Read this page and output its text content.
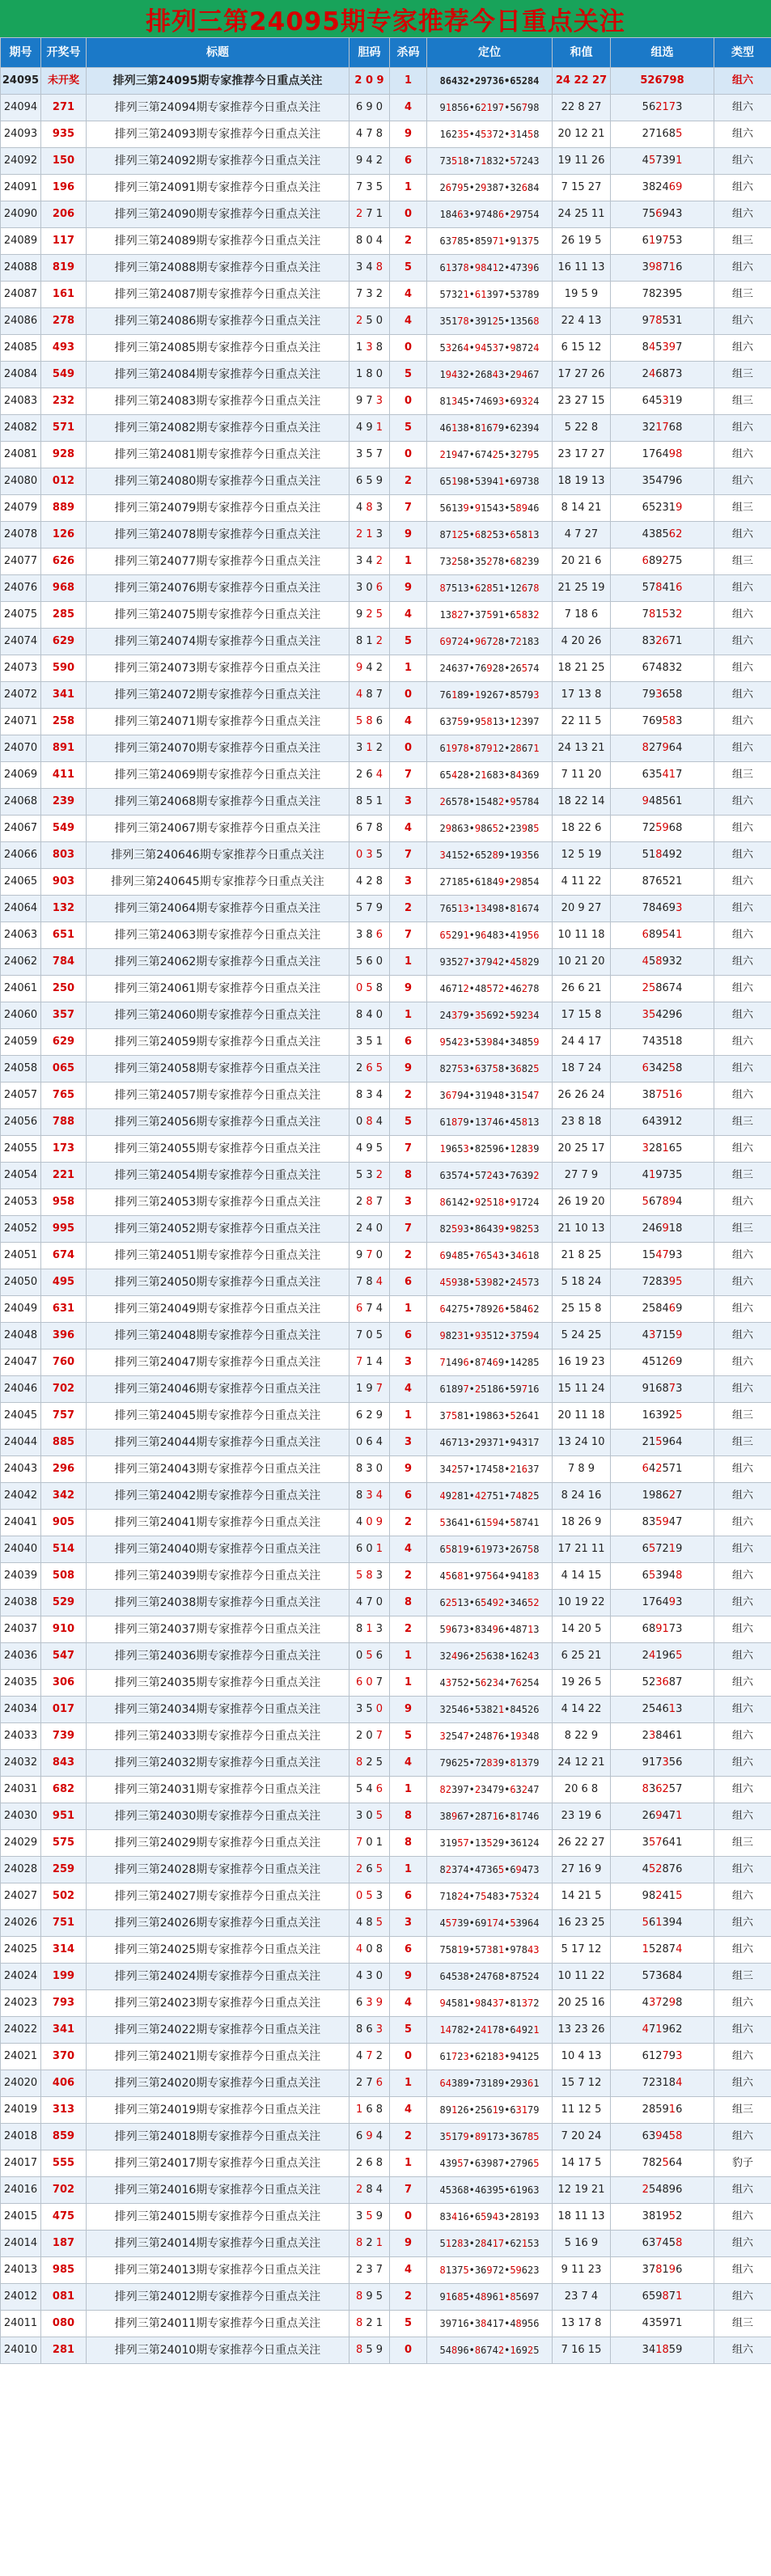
排列三第24095期专家推荐今日重点关注
期号	开奖号	标题	胆码	杀码	定位	和值	组选	类型
24095	未开奖	排列三第24095期专家推荐今日重点关注	2 0 9	1	86432•29736•65284	24 22 27	526798	组六
24094	271	排列三第24094期专家推荐今日重点关注	6 9 0	4	91856•62197•56798	22 8 27	562173	组六
24093	935	排列三第24093期专家推荐今日重点关注	4 7 8	9	16235•45372•31458	20 12 21	271685	组六
24092	150	排列三第24092期专家推荐今日重点关注	9 4 2	6	73518•71832•57243	19 11 26	457391	组六
24091	196	排列三第24091期专家推荐今日重点关注	7 3 5	1	26795•29387•32684	7 15 27	382469	组六
24090	206	排列三第24090期专家推荐今日重点关注	2 7 1	0	18463•97486•29754	24 25 11	756943	组六
24089	117	排列三第24089期专家推荐今日重点关注	8 0 4	2	63785•85971•91375	26 19 5	619753	组三
24088	819	排列三第24088期专家推荐今日重点关注	3 4 8	5	61378•98412•47396	16 11 13	398716	组六
24087	161	排列三第24087期专家推荐今日重点关注	7 3 2	4	57321•61397•53789	19 5 9	782395	组三
24086	278	排列三第24086期专家推荐今日重点关注	2 5 0	4	35178•39125•13568	22 4 13	978531	组六
24085	493	排列三第24085期专家推荐今日重点关注	1 3 8	0	53264•94537•98724	6 15 12	845397	组六
24084	549	排列三第24084期专家推荐今日重点关注	1 8 0	5	19432•26843•29467	17 27 26	246873	组三
24083	232	排列三第24083期专家推荐今日重点关注	9 7 3	0	81345•74693•69324	23 27 15	645319	组三
24082	571	排列三第24082期专家推荐今日重点关注	4 9 1	5	46138•81679•62394	5 22 8	321768	组六
24081	928	排列三第24081期专家推荐今日重点关注	3 5 7	0	21947•67425•32795	23 17 27	176498	组六
24080	012	排列三第24080期专家推荐今日重点关注	6 5 9	2	65198•53941•69738	18 19 13	354796	组六
24079	889	排列三第24079期专家推荐今日重点关注	4 8 3	7	56139•91543•58946	8 14 21	652319	组三
24078	126	排列三第24078期专家推荐今日重点关注	2 1 3	9	87125•68253•65813	4 7 27	438562	组六
24077	626	排列三第24077期专家推荐今日重点关注	3 4 2	1	73258•35278•68239	20 21 6	689275	组三
24076	968	排列三第24076期专家推荐今日重点关注	3 0 6	9	87513•62851•12678	21 25 19	578416	组六
24075	285	排列三第24075期专家推荐今日重点关注	9 2 5	4	13827•37591•65832	7 18 6	781532	组六
24074	629	排列三第24074期专家推荐今日重点关注	8 1 2	5	69724•96728•72183	4 20 26	832671	组六
24073	590	排列三第24073期专家推荐今日重点关注	9 4 2	1	24637•76928•26574	18 21 25	674832	组六
24072	341	排列三第24072期专家推荐今日重点关注	4 8 7	0	76189•19267•85793	17 13 8	793658	组六
24071	258	排列三第24071期专家推荐今日重点关注	5 8 6	4	63759•95813•12397	22 11 5	769583	组六
24070	891	排列三第24070期专家推荐今日重点关注	3 1 2	0	61978•87912•28671	24 13 21	827964	组六
24069	411	排列三第24069期专家推荐今日重点关注	2 6 4	7	65428•21683•84369	7 11 20	635417	组三
24068	239	排列三第24068期专家推荐今日重点关注	8 5 1	3	26578•15482•95784	18 22 14	948561	组六
24067	549	排列三第24067期专家推荐今日重点关注	6 7 8	4	29863•98652•23985	18 22 6	725968	组六
24066	803	排列三第240646期专家推荐今日重点关注	0 3 5	7	34152•65289•19356	12 5 19	518492	组六
24065	903	排列三第240645期专家推荐今日重点关注	4 2 8	3	27185•61849•29854	4 11 22	876521	组六
24064	132	排列三第24064期专家推荐今日重点关注	5 7 9	2	76513•13498•81674	20 9 27	784693	组六
24063	651	排列三第24063期专家推荐今日重点关注	3 8 6	7	65291•96483•41956	10 11 18	689541	组六
24062	784	排列三第24062期专家推荐今日重点关注	5 6 0	1	93527•37942•45829	10 21 20	458932	组六
24061	250	排列三第24061期专家推荐今日重点关注	0 5 8	9	46712•48572•46278	26 6 21	258674	组六
24060	357	排列三第24060期专家推荐今日重点关注	8 4 0	1	24379•35692•59234	17 15 8	354296	组六
24059	629	排列三第24059期专家推荐今日重点关注	3 5 1	6	95423•53984•34859	24 4 17	743518	组六
24058	065	排列三第24058期专家推荐今日重点关注	2 6 5	9	82753•63758•36825	18 7 24	634258	组六
24057	765	排列三第24057期专家推荐今日重点关注	8 3 4	2	36794•31948•31547	26 26 24	387516	组六
24056	788	排列三第24056期专家推荐今日重点关注	0 8 4	5	61879•13746•45813	23 8 18	643912	组三
24055	173	排列三第24055期专家推荐今日重点关注	4 9 5	7	19653•82596•12839	20 25 17	328165	组六
24054	221	排列三第24054期专家推荐今日重点关注	5 3 2	8	63574•57243•76392	27 7 9	419735	组三
24053	958	排列三第24053期专家推荐今日重点关注	2 8 7	3	86142•92518•91724	26 19 20	567894	组六
24052	995	排列三第24052期专家推荐今日重点关注	2 4 0	7	82593•86439•98253	21 10 13	246918	组三
24051	674	排列三第24051期专家推荐今日重点关注	9 7 0	2	69485•76543•34618	21 8 25	154793	组六
24050	495	排列三第24050期专家推荐今日重点关注	7 8 4	6	45938•53982•24573	5 18 24	728395	组六
24049	631	排列三第24049期专家推荐今日重点关注	6 7 4	1	64275•78926•58462	25 15 8	258469	组六
24048	396	排列三第24048期专家推荐今日重点关注	7 0 5	6	98231•93512•37594	5 24 25	437159	组六
24047	760	排列三第24047期专家推荐今日重点关注	7 1 4	3	71496•87469•14285	16 19 23	451269	组六
24046	702	排列三第24046期专家推荐今日重点关注	1 9 7	4	61897•25186•59716	15 11 24	916873	组六
24045	757	排列三第24045期专家推荐今日重点关注	6 2 9	1	37581•19863•52641	20 11 18	163925	组三
24044	885	排列三第24044期专家推荐今日重点关注	0 6 4	3	46713•29371•94317	13 24 10	215964	组三
24043	296	排列三第24043期专家推荐今日重点关注	8 3 0	9	34257•17458•21637	7 8 9	642571	组六
24042	342	排列三第24042期专家推荐今日重点关注	8 3 4	6	49281•42751•74825	8 24 16	198627	组六
24041	905	排列三第24041期专家推荐今日重点关注	4 0 9	2	53641•61594•58741	18 26 9	835947	组六
24040	514	排列三第24040期专家推荐今日重点关注	6 0 1	4	65819•61973•26758	17 21 11	657219	组六
24039	508	排列三第24039期专家推荐今日重点关注	5 8 3	2	45681•97564•94183	4 14 15	653948	组六
24038	529	排列三第24038期专家推荐今日重点关注	4 7 0	8	62513•65492•34652	10 19 22	176493	组六
24037	910	排列三第24037期专家推荐今日重点关注	8 1 3	2	59673•83496•48713	14 20 5	689173	组六
24036	547	排列三第24036期专家推荐今日重点关注	0 5 6	1	32496•25638•16243	6 25 21	241965	组六
24035	306	排列三第24035期专家推荐今日重点关注	6 0 7	1	43752•56234•76254	19 26 5	523687	组六
24034	017	排列三第24034期专家推荐今日重点关注	3 5 0	9	32546•53821•84526	4 14 22	254613	组六
24033	739	排列三第24033期专家推荐今日重点关注	2 0 7	5	32547•24876•19348	8 22 9	238461	组六
24032	843	排列三第24032期专家推荐今日重点关注	8 2 5	4	79625•72839•81379	24 12 21	917356	组六
24031	682	排列三第24031期专家推荐今日重点关注	5 4 6	1	82397•23479•63247	20 6 8	836257	组六
24030	951	排列三第24030期专家推荐今日重点关注	3 0 5	8	38967•28716•81746	23 19 6	269471	组六
24029	575	排列三第24029期专家推荐今日重点关注	7 0 1	8	31957•13529•36124	26 22 27	357641	组三
24028	259	排列三第24028期专家推荐今日重点关注	2 6 5	1	82374•47365•69473	27 16 9	452876	组六
24027	502	排列三第24027期专家推荐今日重点关注	0 5 3	6	71824•75483•75324	14 21 5	982415	组六
24026	751	排列三第24026期专家推荐今日重点关注	4 8 5	3	45739•69174•53964	16 23 25	561394	组六
24025	314	排列三第24025期专家推荐今日重点关注	4 0 8	6	75819•57381•97843	5 17 12	152874	组六
24024	199	排列三第24024期专家推荐今日重点关注	4 3 0	9	64538•24768•87524	10 11 22	573684	组三
24023	793	排列三第24023期专家推荐今日重点关注	6 3 9	4	94581•98437•81372	20 25 16	437298	组六
24022	341	排列三第24022期专家推荐今日重点关注	8 6 3	5	14782•24178•64921	13 23 26	471962	组六
24021	370	排列三第24021期专家推荐今日重点关注	4 7 2	0	61723•62183•94125	10 4 13	612793	组六
24020	406	排列三第24020期专家推荐今日重点关注	2 7 6	1	64389•73189•29361	15 7 12	723184	组六
24019	313	排列三第24019期专家推荐今日重点关注	1 6 8	4	89126•25619•63179	11 12 5	285916	组三
24018	859	排列三第24018期专家推荐今日重点关注	6 9 4	2	35179•89173•36785	7 20 24	639458	组六
24017	555	排列三第24017期专家推荐今日重点关注	2 6 8	1	43957•63987•27965	14 17 5	782564	豹子
24016	702	排列三第24016期专家推荐今日重点关注	2 8 4	7	45368•46395•61963	12 19 21	254896	组六
24015	475	排列三第24015期专家推荐今日重点关注	3 5 9	0	83416•65943•28193	18 11 13	381952	组六
24014	187	排列三第24014期专家推荐今日重点关注	8 2 1	9	51283•28417•62153	5 16 9	637458	组六
24013	985	排列三第24013期专家推荐今日重点关注	2 3 7	4	81375•36972•59623	9 11 23	378196	组六
24012	081	排列三第24012期专家推荐今日重点关注	8 9 5	2	91685•48961•85697	23 7 4	659871	组六
24011	080	排列三第24011期专家推荐今日重点关注	8 2 1	5	39716•38417•48956	13 17 8	435971	组三
24010	281	排列三第24010期专家推荐今日重点关注	8 5 9	0	54896•86742•16925	7 16 15	341859	组六
